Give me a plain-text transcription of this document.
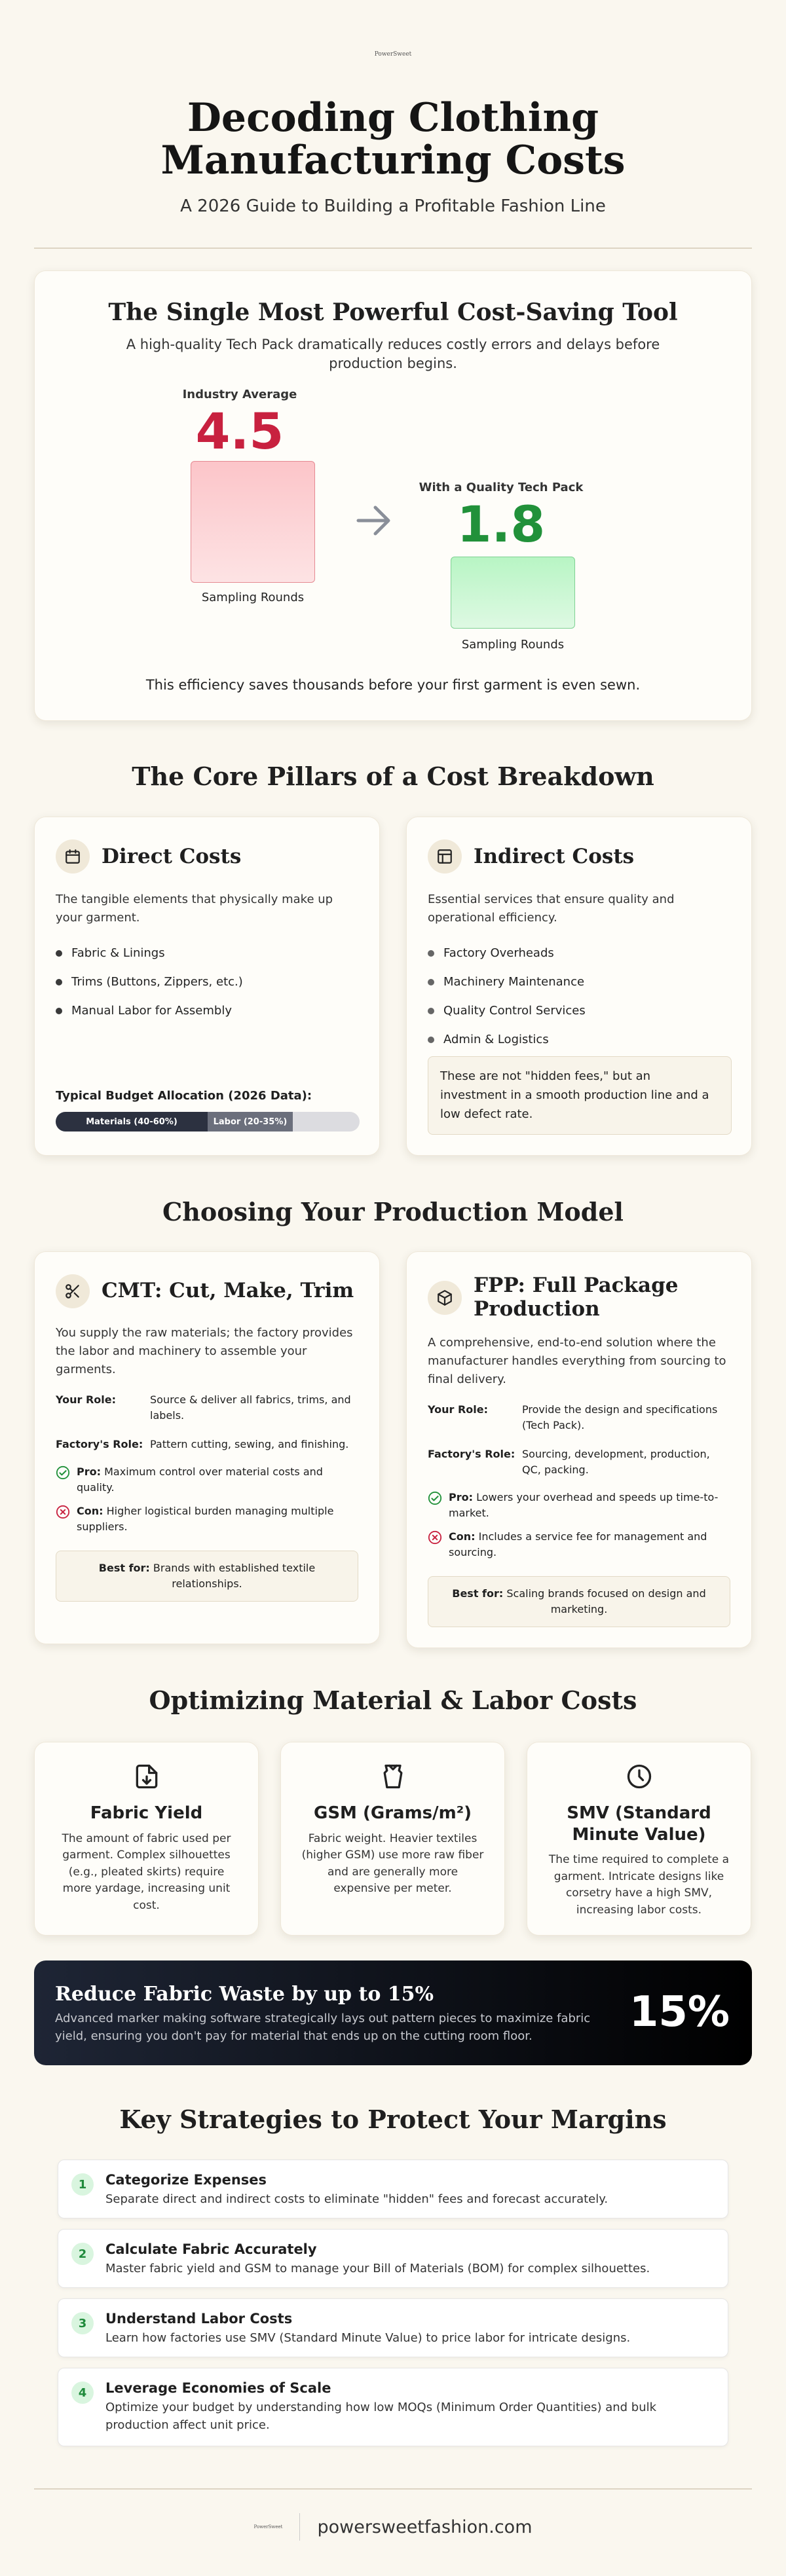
PowerSweet
Decoding Clothing Manufacturing Costs
A 2026 Guide to Building a Profitable Fashion Line
The Single Most Powerful Cost-Saving Tool
A high-quality Tech Pack dramatically reduces costly errors and delays before production begins.
Industry Average
4.5
Sampling Rounds
With a Quality Tech Pack
1.8
Sampling Rounds
This efficiency saves thousands before your first garment is even sewn.
The Core Pillars of a Cost Breakdown
Direct Costs
The tangible elements that physically make up your garment.
Fabric & Linings
Trims (Buttons, Zippers, etc.)
Manual Labor for Assembly
Typical Budget Allocation (2026 Data):
Materials (40-60%)	Labor (20-35%)
Indirect Costs
Essential services that ensure quality and operational efficiency.
Factory Overheads
Machinery Maintenance
Quality Control Services
Admin & Logistics
These are not "hidden fees," but an investment in a smooth production line and a low defect rate.
Choosing Your Production Model
CMT: Cut, Make, Trim
You supply the raw materials; the factory provides the labor and machinery to assemble your garments.
Your Role:	Source & deliver all fabrics, trims, and labels.
Factory's Role: Pattern cutting, sewing, and finishing.
Pro: Maximum control over material costs and quality.
Con: Higher logistical burden managing multiple suppliers.
Best for: Brands with established textile relationships.
FPP: Full Package Production
A comprehensive, end-to-end solution where the manufacturer handles everything from sourcing to final delivery.
Your Role:	Provide the design and specifications (Tech Pack).
Factory's Role: Sourcing, development, production, QC, packing.
Pro: Lowers your overhead and speeds up time-to-market.
Con: Includes a service fee for management and sourcing.
Best for: Scaling brands focused on design and marketing.
Optimizing Material & Labor Costs
Fabric Yield

The amount of fabric used per garment. Complex silhouettes (e.g., pleated skirts) require more yardage, increasing unit cost.

GSM (Grams/m²)

Fabric weight. Heavier textiles (higher GSM) use more raw fiber and are generally more expensive per meter.

SMV (Standard Minute Value)

The time required to complete a garment. Intricate designs like corsetry have a high SMV, increasing labor costs.

Reduce Fabric Waste by up to 15%

Advanced marker making software strategically lays out pattern pieces to maximize fabric yield, ensuring you don't pay for material that ends up on the cutting room floor.	15%
Key Strategies to Protect Your Margins
1	Categorize Expenses

Separate direct and indirect costs to eliminate "hidden" fees and forecast accurately.

2	Calculate Fabric Accurately

Master fabric yield and GSM to manage your Bill of Materials (BOM) for complex silhouettes.

3	Understand Labor Costs

Learn how factories use SMV (Standard Minute Value) to price labor for intricate designs.

4	Leverage Economies of Scale

Optimize your budget by understanding how low MOQs (Minimum Order Quantities) and bulk production affect unit price.

PowerSweet powersweetfashion.com
